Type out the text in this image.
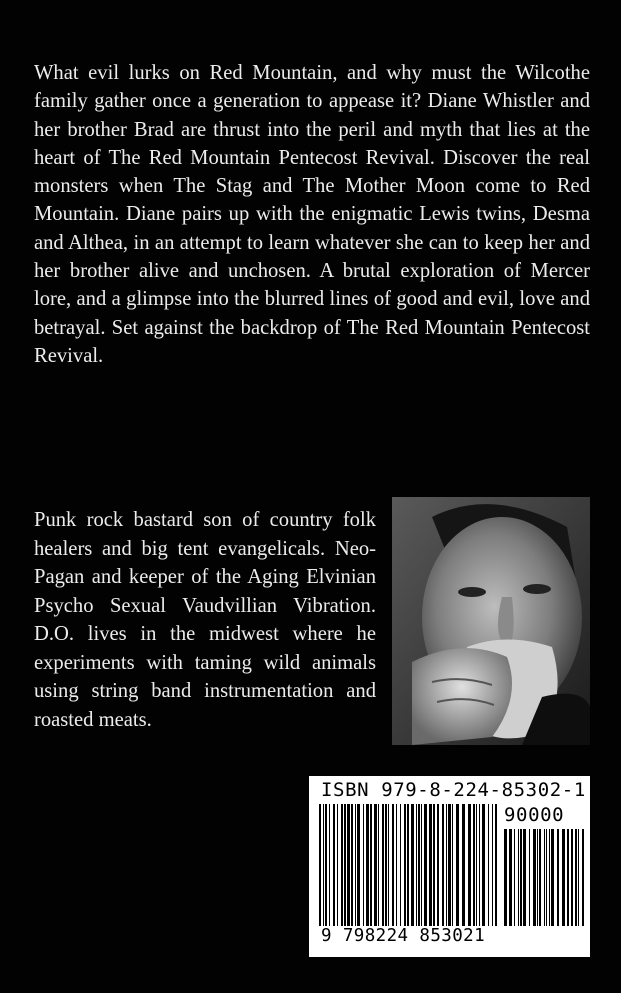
What evil lurks on Red Mountain, and why must the Wilcothe family gather once a generation to appease it? Diane Whistler and her brother Brad are thrust into the peril and myth that lies at the heart of The Red Mountain Pentecost Revival. Discover the real monsters when The Stag and The Mother Moon come to Red Mountain. Diane pairs up with the enigmatic Lewis twins, Desma and Althea, in an attempt to learn whatever she can to keep her and her brother alive and unchosen. A brutal exploration of Mercer lore, and a glimpse into the blurred lines of good and evil, love and betrayal. Set against the backdrop of The Red Mountain Pentecost Revival.

Punk rock bastard son of country folk healers and big tent evangelicals. Neo-Pagan and keeper of the Aging Elvinian Psycho Sexual Vaudvillian Vibration. D.O. lives in the midwest where he experiments with taming wild animals using string band instrumentation and roasted meats.

ISBN 979-8-224-85302-1
90000
9 798224 853021
